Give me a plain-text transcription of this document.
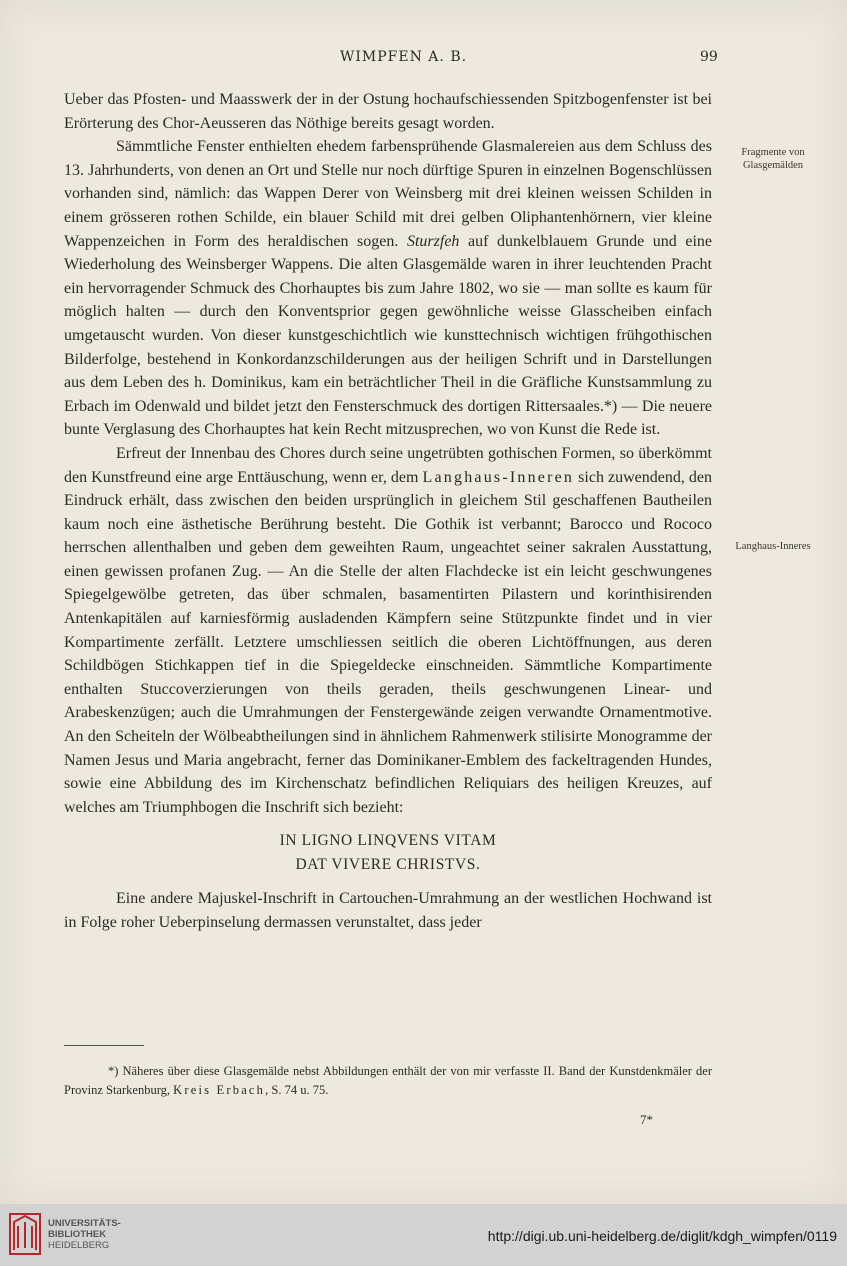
WIMPFEN A. B.	99

Ueber das Pfosten- und Maasswerk der in der Ostung hochaufschiessenden Spitzbogenfenster ist bei Erörterung des Chor-Aeusseren das Nöthige bereits gesagt worden.

Sämmtliche Fenster enthielten ehedem farbensprühende Glasmalereien aus dem Schluss des 13. Jahrhunderts, von denen an Ort und Stelle nur noch dürftige Spuren in einzelnen Bogenschlüssen vorhanden sind, nämlich: das Wappen Derer von Weinsberg mit drei kleinen weissen Schilden in einem grösseren rothen Schilde, ein blauer Schild mit drei gelben Oliphantenhörnern, vier kleine Wappenzeichen in Form des heraldischen sogen. Sturzfeh auf dunkelblauem Grunde und eine Wiederholung des Weinsberger Wappens. Die alten Glasgemälde waren in ihrer leuchtenden Pracht ein hervorragender Schmuck des Chorhauptes bis zum Jahre 1802, wo sie — man sollte es kaum für möglich halten — durch den Konventsprior gegen gewöhnliche weisse Glasscheiben einfach umgetauscht wurden. Von dieser kunstgeschichtlich wie kunsttechnisch wichtigen frühgothischen Bilderfolge, bestehend in Konkordanzschilderungen aus der heiligen Schrift und in Darstellungen aus dem Leben des h. Dominikus, kam ein beträchtlicher Theil in die Gräfliche Kunstsammlung zu Erbach im Odenwald und bildet jetzt den Fensterschmuck des dortigen Rittersaales.*) — Die neuere bunte Verglasung des Chorhauptes hat kein Recht mitzusprechen, wo von Kunst die Rede ist.

Erfreut der Innenbau des Chores durch seine ungetrübten gothischen Formen, so überkömmt den Kunstfreund eine arge Enttäuschung, wenn er, dem Langhaus-Inneren sich zuwendend, den Eindruck erhält, dass zwischen den beiden ursprünglich in gleichem Stil geschaffenen Bautheilen kaum noch eine ästhetische Berührung besteht. Die Gothik ist verbannt; Barocco und Rococo herrschen allenthalben und geben dem geweihten Raum, ungeachtet seiner sakralen Ausstattung, einen gewissen profanen Zug. — An die Stelle der alten Flachdecke ist ein leicht geschwungenes Spiegelgewölbe getreten, das über schmalen, basamentirten Pilastern und korinthisirenden Antenkapitälen auf karniesförmig ausladenden Kämpfern seine Stützpunkte findet und in vier Kompartimente zerfällt. Letztere umschliessen seitlich die oberen Lichtöffnungen, aus deren Schildbögen Stichkappen tief in die Spiegeldecke einschneiden. Sämmtliche Kompartimente enthalten Stuccoverzierungen von theils geraden, theils geschwungenen Linear- und Arabeskenzügen; auch die Umrahmungen der Fenstergewände zeigen verwandte Ornamentmotive. An den Scheiteln der Wölbeabtheilungen sind in ähnlichem Rahmenwerk stilisirte Monogramme der Namen Jesus und Maria angebracht, ferner das Dominikaner-Emblem des fackeltragenden Hundes, sowie eine Abbildung des im Kirchenschatz befindlichen Reliquiars des heiligen Kreuzes, auf welches am Triumphbogen die Inschrift sich bezieht:

IN LIGNO LINQVENS VITAM
DAT VIVERE CHRISTVS.

Eine andere Majuskel-Inschrift in Cartouchen-Umrahmung an der westlichen Hochwand ist in Folge roher Ueberpinselung dermassen verunstaltet, dass jeder

Fragmente von Glasgemälden
Langhaus-Inneres
*) Näheres über diese Glasgemälde nebst Abbildungen enthält der von mir verfasste II. Band der Kunstdenkmäler der Provinz Starkenburg, Kreis Erbach, S. 74 u. 75.
7*
UNIVERSITÄTS-
BIBLIOTHEK
HEIDELBERG
http://digi.ub.uni-heidelberg.de/diglit/kdgh_wimpfen/0119
